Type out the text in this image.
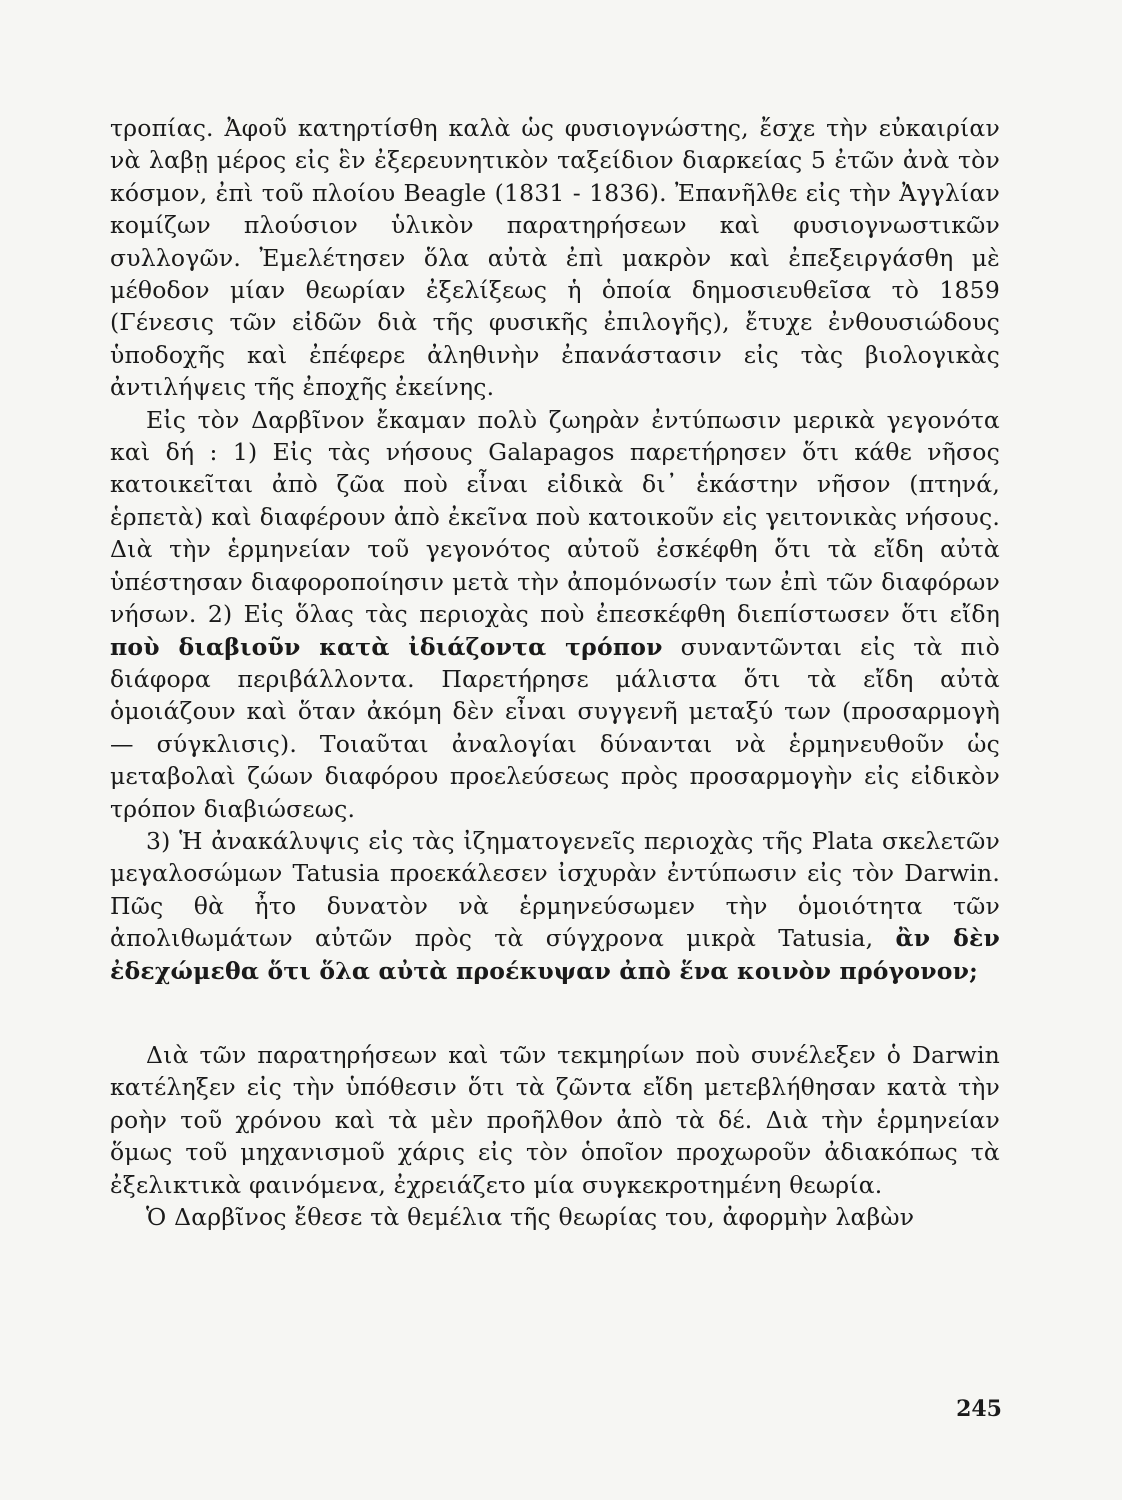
τροπίας. Ἀφοῦ κατηρτίσθη καλὰ ὡς φυσιογνώστης, ἔσχε τὴν εὐκαιρίαν νὰ λαβῃ μέρος εἰς ἓν ἐξερευνητικὸν ταξείδιον διαρκείας 5 ἐτῶν ἀνὰ τὸν κόσμον, ἐπὶ τοῦ πλοίου Beagle (1831 - 1836). Ἐπανῆλθε εἰς τὴν Ἀγγλίαν κομίζων πλούσιον ὑλικὸν παρατηρήσεων καὶ φυσιογνωστικῶν συλλογῶν. Ἐμελέτησεν ὅλα αὐτὰ ἐπὶ μακρὸν καὶ ἐπεξειργάσθη μὲ μέθοδον μίαν θεωρίαν ἐξελίξεως ἡ ὁποία δημοσιευθεῖσα τὸ 1859 (Γένεσις τῶν εἰδῶν διὰ τῆς φυσικῆς ἐπιλογῆς), ἔτυχε ἐνθουσιώδους ὑποδοχῆς καὶ ἐπέφερε ἀληθινὴν ἐπανάστασιν εἰς τὰς βιολογικὰς ἀντιλήψεις τῆς ἐποχῆς ἐκείνης.

Εἰς τὸν Δαρβῖνον ἔκαμαν πολὺ ζωηρὰν ἐντύπωσιν μερικὰ γεγονότα καὶ δή : 1) Εἰς τὰς νήσους Galapagos παρετήρησεν ὅτι κάθε νῆσος κατοικεῖται ἀπὸ ζῶα ποὺ εἶναι εἰδικὰ δι᾿ ἑκάστην νῆσον (πτηνά, ἑρπετὰ) καὶ διαφέρουν ἀπὸ ἐκεῖνα ποὺ κατοικοῦν εἰς γειτονικὰς νήσους. Διὰ τὴν ἑρμηνείαν τοῦ γεγονότος αὐτοῦ ἐσκέφθη ὅτι τὰ εἴδη αὐτὰ ὑπέστησαν διαφοροποίησιν μετὰ τὴν ἀπομόνωσίν των ἐπὶ τῶν διαφόρων νήσων. 2) Εἰς ὅλας τὰς περιοχὰς ποὺ ἐπεσκέφθη διεπίστωσεν ὅτι εἴδη ποὺ διαβιοῦν κατὰ ἰδιάζοντα τρόπον συναντῶνται εἰς τὰ πιὸ διάφορα περιβάλλοντα. Παρετήρησε μάλιστα ὅτι τὰ εἴδη αὐτὰ ὁμοιάζουν καὶ ὅταν ἀκόμη δὲν εἶναι συγγενῆ μεταξύ των (προσαρμογὴ — σύγκλισις). Τοιαῦται ἀναλογίαι δύνανται νὰ ἑρμηνευθοῦν ὡς μεταβολαὶ ζώων διαφόρου προελεύσεως πρὸς προσαρμογὴν εἰς εἰδικὸν τρόπον διαβιώσεως.

3) Ἡ ἀνακάλυψις εἰς τὰς ἰζηματογενεῖς περιοχὰς τῆς Plata σκελετῶν μεγαλοσώμων Tatusia προεκάλεσεν ἰσχυρὰν ἐντύπωσιν εἰς τὸν Darwin. Πῶς θὰ ἦτο δυνατὸν νὰ ἑρμηνεύσωμεν τὴν ὁμοιότητα τῶν ἀπολιθωμάτων αὐτῶν πρὸς τὰ σύγχρονα μικρὰ Tatusia, ἂν δὲν ἐδεχώμεθα ὅτι ὅλα αὐτὰ προέκυψαν ἀπὸ ἕνα κοινὸν πρόγονον;

Διὰ τῶν παρατηρήσεων καὶ τῶν τεκμηρίων ποὺ συνέλεξεν ὁ Darwin κατέληξεν εἰς τὴν ὑπόθεσιν ὅτι τὰ ζῶντα εἴδη μετεβλήθησαν κατὰ τὴν ροὴν τοῦ χρόνου καὶ τὰ μὲν προῆλθον ἀπὸ τὰ δέ. Διὰ τὴν ἑρμηνείαν ὅμως τοῦ μηχανισμοῦ χάρις εἰς τὸν ὁποῖον προχωροῦν ἀδιακόπως τὰ ἐξελικτικὰ φαινόμενα, ἐχρειάζετο μία συγκεκροτημένη θεωρία.

Ὁ Δαρβῖνος ἔθεσε τὰ θεμέλια τῆς θεωρίας του, ἀφορμὴν λαβὼν

245
